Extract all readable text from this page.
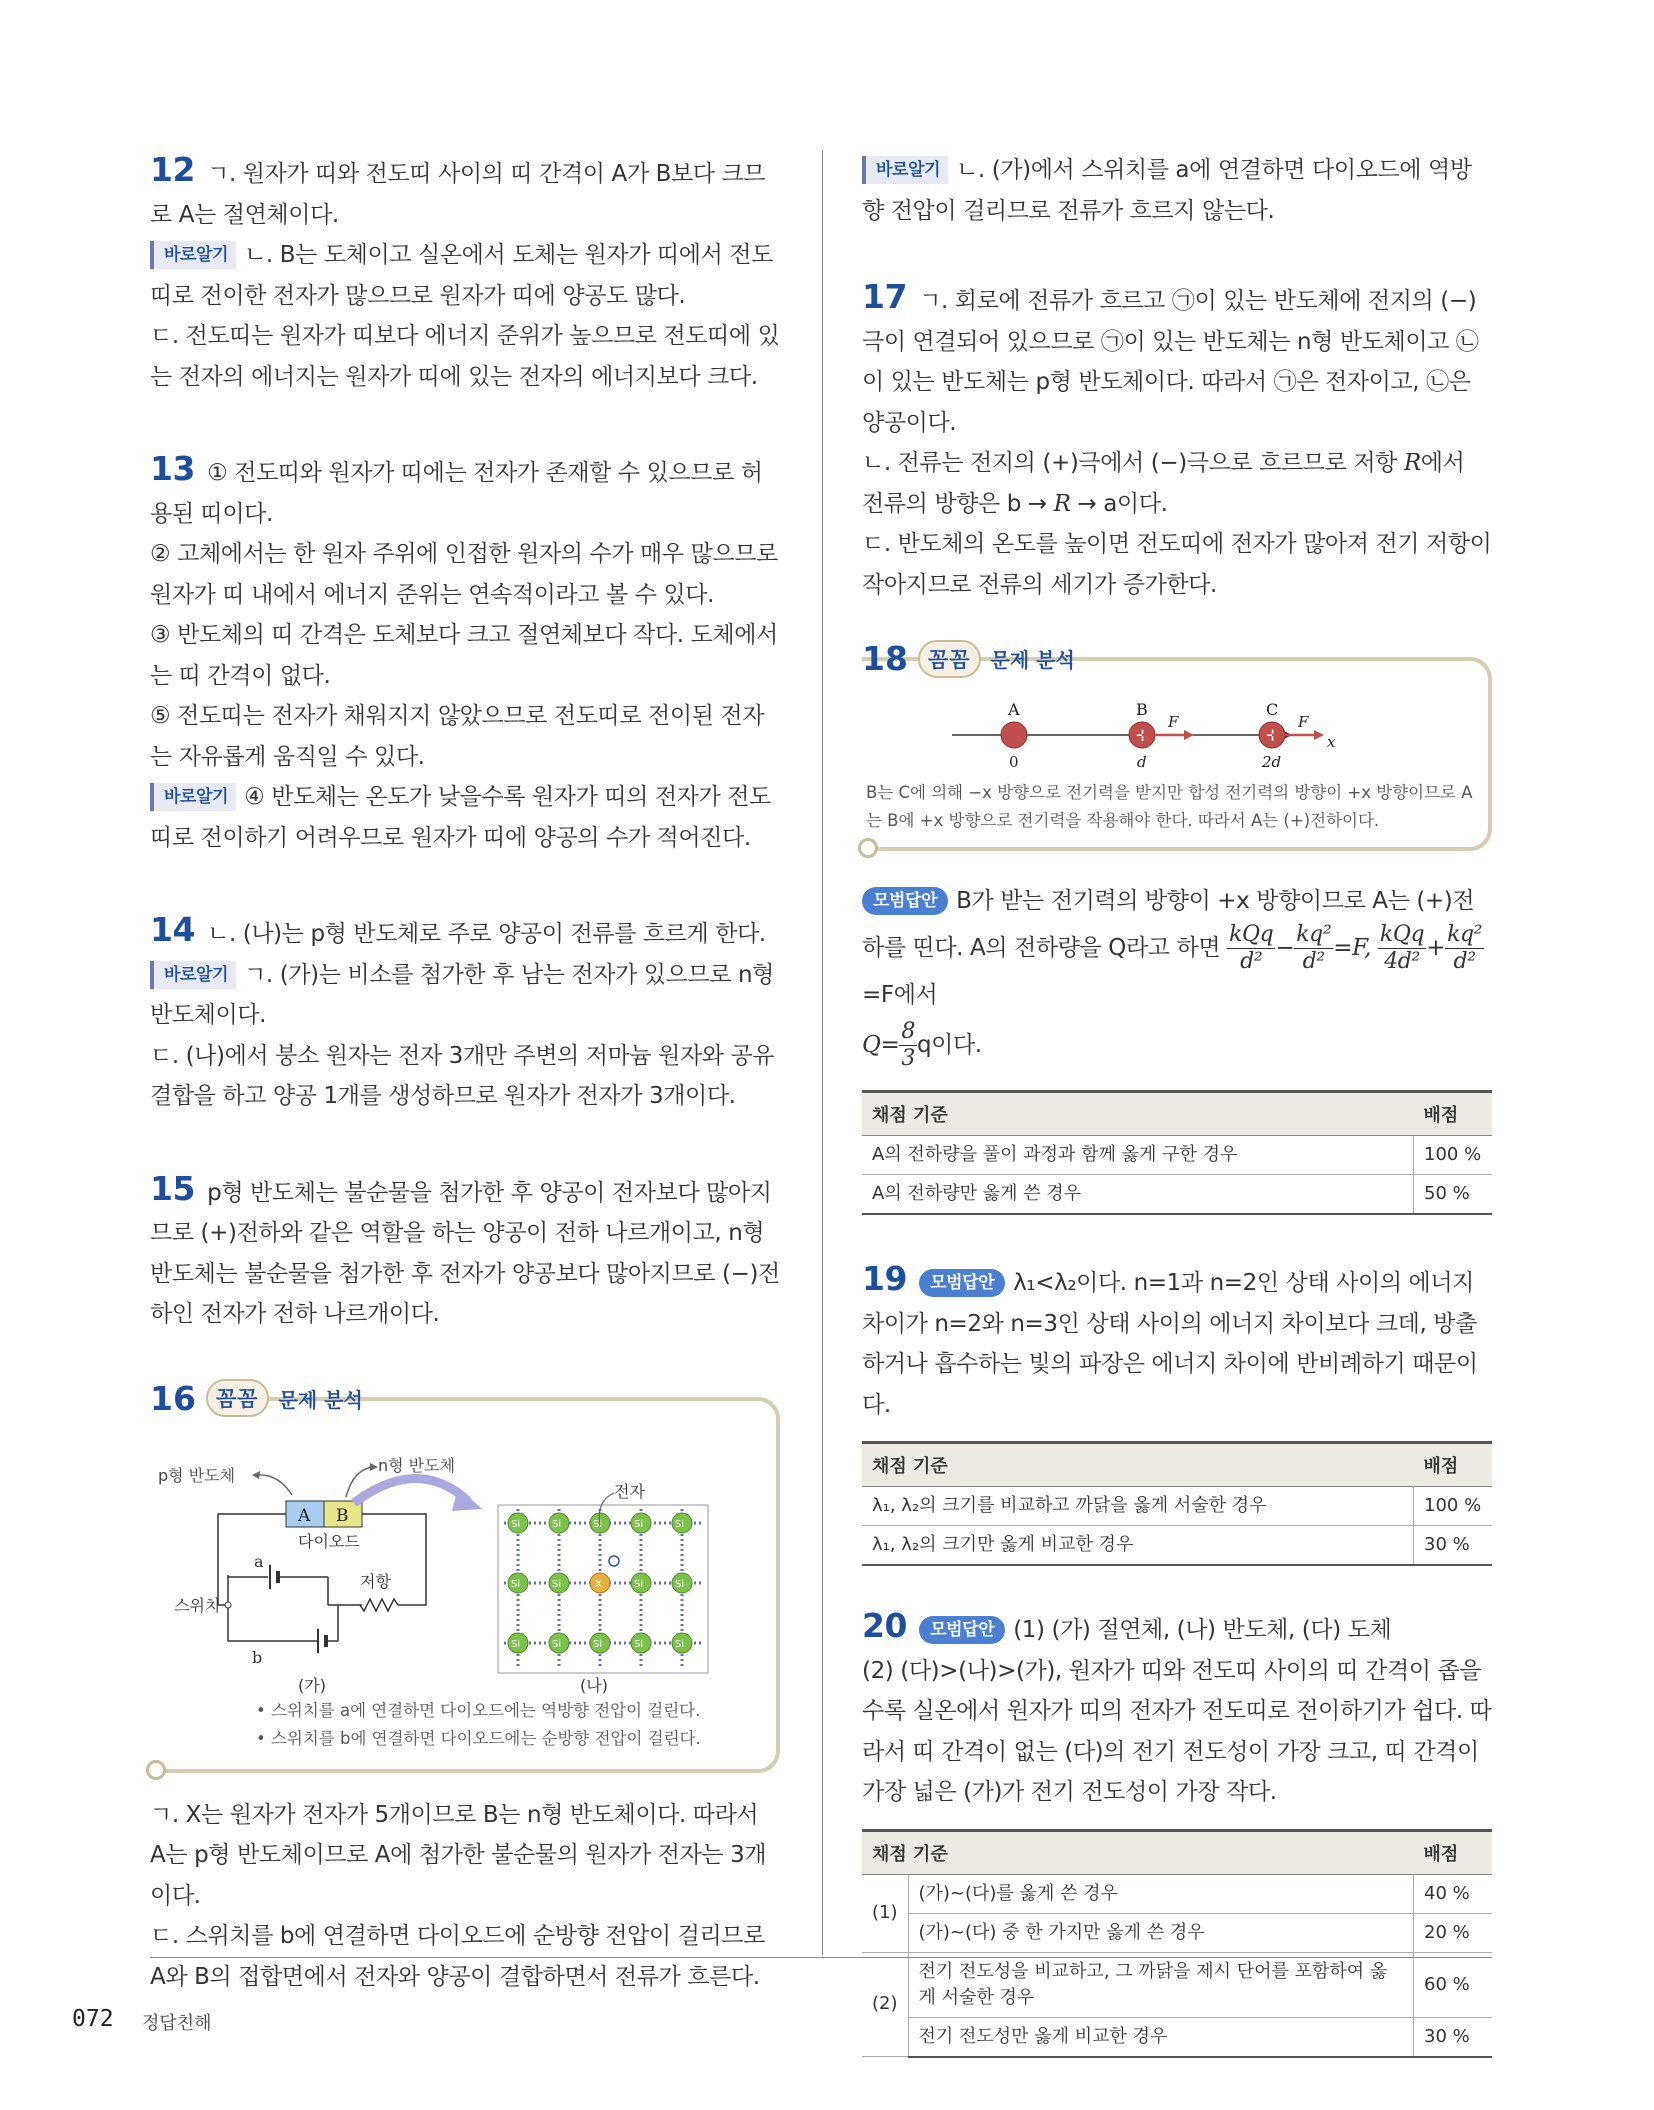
12 ㄱ. 원자가 띠와 전도띠 사이의 띠 간격이 A가 B보다 크므로 A는 절연체이다.

바로알기 ㄴ. B는 도체이고 실온에서 도체는 원자가 띠에서 전도띠로 전이한 전자가 많으므로 원자가 띠에 양공도 많다.

ㄷ. 전도띠는 원자가 띠보다 에너지 준위가 높으므로 전도띠에 있는 전자의 에너지는 원자가 띠에 있는 전자의 에너지보다 크다.

13 ① 전도띠와 원자가 띠에는 전자가 존재할 수 있으므로 허용된 띠이다.

② 고체에서는 한 원자 주위에 인접한 원자의 수가 매우 많으므로 원자가 띠 내에서 에너지 준위는 연속적이라고 볼 수 있다.

③ 반도체의 띠 간격은 도체보다 크고 절연체보다 작다. 도체에서는 띠 간격이 없다.

⑤ 전도띠는 전자가 채워지지 않았으므로 전도띠로 전이된 전자는 자유롭게 움직일 수 있다.

바로알기 ④ 반도체는 온도가 낮을수록 원자가 띠의 전자가 전도띠로 전이하기 어려우므로 원자가 띠에 양공의 수가 적어진다.

14 ㄴ. (나)는 p형 반도체로 주로 양공이 전류를 흐르게 한다.

바로알기 ㄱ. (가)는 비소를 첨가한 후 남는 전자가 있으므로 n형 반도체이다.

ㄷ. (나)에서 붕소 원자는 전자 3개만 주변의 저마늄 원자와 공유 결합을 하고 양공 1개를 생성하므로 원자가 전자가 3개이다.

15 p형 반도체는 불순물을 첨가한 후 양공이 전자보다 많아지므로 (+)전하와 같은 역할을 하는 양공이 전하 나르개이고, n형 반도체는 불순물을 첨가한 후 전자가 양공보다 많아지므로 (−)전하인 전자가 전하 나르개이다.

16 꼼꼼	문제 분석
p형 반도체
n형 반도체
A B
다이오드
저항
스위치
a
b
(가)
Si	Si	Si	Si	Si
Si	Si	X	Si	Si
Si	Si	Si	Si	Si
전자
(나)
• 스위치를 a에 연결하면 다이오드에는 역방향 전압이 걸린다.
• 스위치를 b에 연결하면 다이오드에는 순방향 전압이 걸린다.

ㄱ. X는 원자가 전자가 5개이므로 B는 n형 반도체이다. 따라서 A는 p형 반도체이므로 A에 첨가한 불순물의 원자가 전자는 3개이다.

ㄷ. 스위치를 b에 연결하면 다이오드에 순방향 전압이 걸리므로 A와 B의 접합면에서 전자와 양공이 결합하면서 전류가 흐른다.

바로알기 ㄴ. (가)에서 스위치를 a에 연결하면 다이오드에 역방향 전압이 걸리므로 전류가 흐르지 않는다.

17 ㄱ. 회로에 전류가 흐르고 ㉠이 있는 반도체에 전지의 (−)극이 연결되어 있으므로 ㉠이 있는 반도체는 n형 반도체이고 ㉡이 있는 반도체는 p형 반도체이다. 따라서 ㉠은 전자이고, ㉡은 양공이다.

ㄴ. 전류는 전지의 (+)극에서 (−)극으로 흐르므로 저항 R에서 전류의 방향은 b → R → a이다.

ㄷ. 반도체의 온도를 높이면 전도띠에 전자가 많아져 전기 저항이 작아지므로 전류의 세기가 증가한다.

18 꼼꼼	문제 분석
+	+
A	B	C
F	F
x
0	d	2d
B는 C에 의해 −x 방향으로 전기력을 받지만 합성 전기력의 방향이 +x 방향이므로 A는 B에 +x 방향으로 전기력을 작용해야 한다. 따라서 A는 (+)전하이다.

모범답안 B가 받는 전기력의 방향이 +x 방향이므로 A는 (+)전하를 띤다. A의 전하량을 Q라고 하면 $\frac{\text{kQq}}{\text{d²}} - \frac{\text{kq²}}{\text{d²}} =F$, $\frac{\text{kQq}}{\text{4d²}} + \frac{\text{kq²}}{\text{d²}}$
=F에서

$Q= \frac{8}{3}$ q이다.

채점 기준	배점
A의 전하량을 풀이 과정과 함께 옳게 구한 경우	100 %
A의 전하량만 옳게 쓴 경우	50 %

19 모범답안 λ₁<λ₂이다. n=1과 n=2인 상태 사이의 에너지 차이가 n=2와 n=3인 상태 사이의 에너지 차이보다 크데, 방출하거나 흡수하는 빛의 파장은 에너지 차이에 반비례하기 때문이다.

채점 기준	배점
λ₁, λ₂의 크기를 비교하고 까닭을 옳게 서술한 경우	100 %
λ₁, λ₂의 크기만 옳게 비교한 경우	30 %

20 모범답안 (1) (가) 절연체, (나) 반도체, (다) 도체

(2) (다)>(나)>(가), 원자가 띠와 전도띠 사이의 띠 간격이 좁을수록 실온에서 원자가 띠의 전자가 전도띠로 전이하기가 쉽다. 따라서 띠 간격이 없는 (다)의 전기 전도성이 가장 크고, 띠 간격이 가장 넓은 (가)가 전기 전도성이 가장 작다.

채점 기준		배점
(1)	(가)~(다)를 옳게 쓴 경우	40 %
	(가)~(다) 중 한 가지만 옳게 쓴 경우	20 %
(2)	전기 전도성을 비교하고, 그 까닭을 제시 단어를 포함하여 옳게 서술한 경우	60 %
	전기 전도성만 옳게 비교한 경우	30 %
072 정답친해
